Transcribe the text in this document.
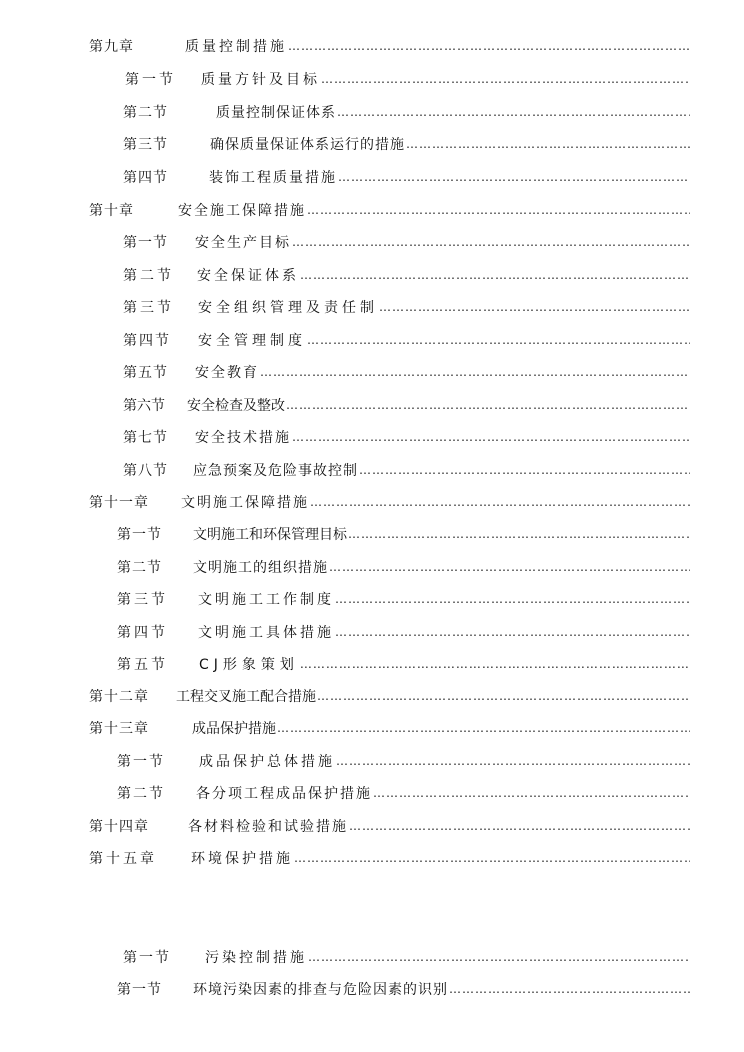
第九章	质量控制措施
……………………………………………………………………………………………………………………………………………
第一节	质量方针及目标
……………………………………………………………………………………………………………………………………………
第二节	质量控制保证体系
……………………………………………………………………………………………………………………………………………
第三节	确保质量保证体系运行的措施
……………………………………………………………………………………………………………………………………………
第四节	装饰工程质量措施
……………………………………………………………………………………………………………………………………………
第十章	安全施工保障措施
……………………………………………………………………………………………………………………………………………
第一节	安全生产目标
……………………………………………………………………………………………………………………………………………
第二节	安全保证体系
……………………………………………………………………………………………………………………………………………
第三节	安全组织管理及责任制
……………………………………………………………………………………………………………………………………………
第四节	安全管理制度
……………………………………………………………………………………………………………………………………………
第五节	安全教育
……………………………………………………………………………………………………………………………………………
第六节	安全检查及整改
……………………………………………………………………………………………………………………………………………
第七节	安全技术措施
……………………………………………………………………………………………………………………………………………
第八节	应急预案及危险事故控制
……………………………………………………………………………………………………………………………………………
第十一章	文明施工保障措施
……………………………………………………………………………………………………………………………………………
第一节	文明施工和环保管理目标
……………………………………………………………………………………………………………………………………………
第二节	文明施工的组织措施
……………………………………………………………………………………………………………………………………………
第三节	文明施工工作制度
……………………………………………………………………………………………………………………………………………
第四节	文明施工具体措施
……………………………………………………………………………………………………………………………………………
第五节	CJ形象策划
……………………………………………………………………………………………………………………………………………
第十二章	工程交叉施工配合措施
……………………………………………………………………………………………………………………………………………
第十三章	成品保护措施
……………………………………………………………………………………………………………………………………………
第一节	成品保护总体措施
……………………………………………………………………………………………………………………………………………
第二节	各分项工程成品保护措施
……………………………………………………………………………………………………………………………………………
第十四章	各材料检验和试验措施
……………………………………………………………………………………………………………………………………………
第十五章	环境保护措施
……………………………………………………………………………………………………………………………………………
第一节	污染控制措施
……………………………………………………………………………………………………………………………………………
第一节	环境污染因素的排查与危险因素的识别
……………………………………………………………………………………………………………………………………………
